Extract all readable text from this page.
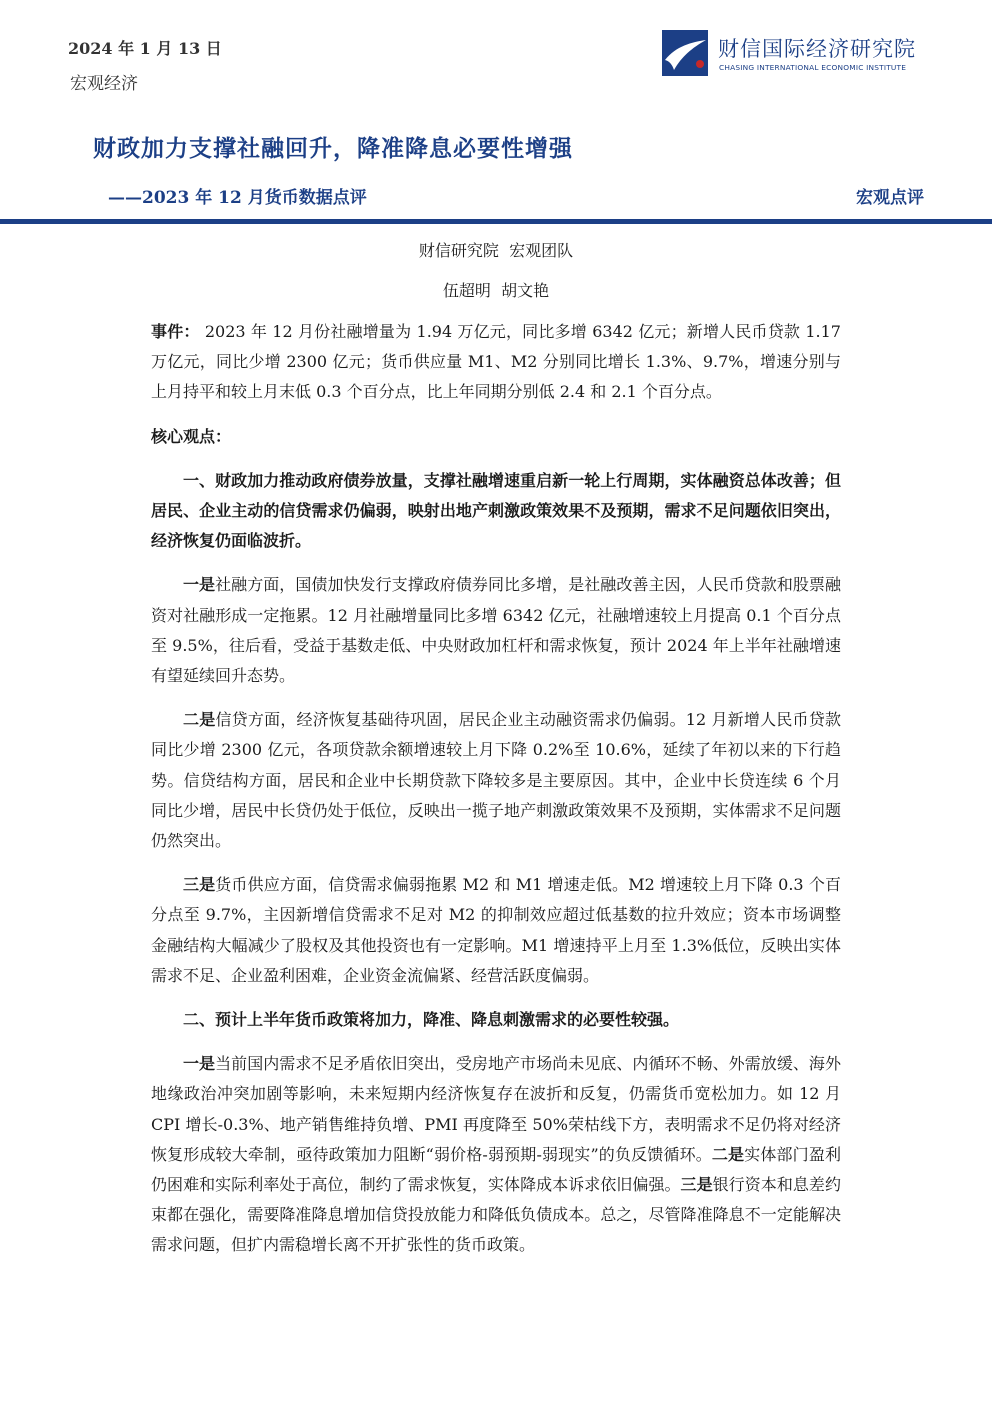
2024 年 1 月 13 日
宏观经济
财信国际经济研究院
CHASING INTERNATIONAL ECONOMIC INSTITUTE
财政加力支撑社融回升，降准降息必要性增强
——2023 年 12 月货币数据点评	宏观点评
财信研究院  宏观团队
伍超明  胡文艳

事件： 2023 年 12 月份社融增量为 1.94 万亿元，同比多增 6342 亿元；新增人民币贷款 1.17 万亿元，同比少增 2300 亿元；货币供应量 M1、M2 分别同比增长 1.3%、9.7%，增速分别与上月持平和较上月末低 0.3 个百分点，比上年同期分别低 2.4 和 2.1 个百分点。

核心观点：

一、财政加力推动政府债券放量，支撑社融增速重启新一轮上行周期，实体融资总体改善；但居民、企业主动的信贷需求仍偏弱，映射出地产刺激政策效果不及预期，需求不足问题依旧突出，经济恢复仍面临波折。

一是社融方面，国债加快发行支撑政府债券同比多增，是社融改善主因，人民币贷款和股票融资对社融形成一定拖累。12 月社融增量同比多增 6342 亿元，社融增速较上月提高 0.1 个百分点至 9.5%，往后看，受益于基数走低、中央财政加杠杆和需求恢复，预计 2024 年上半年社融增速有望延续回升态势。

二是信贷方面，经济恢复基础待巩固，居民企业主动融资需求仍偏弱。12 月新增人民币贷款同比少增 2300 亿元，各项贷款余额增速较上月下降 0.2%至 10.6%，延续了年初以来的下行趋势。信贷结构方面，居民和企业中长期贷款下降较多是主要原因。其中，企业中长贷连续 6 个月同比少增，居民中长贷仍处于低位，反映出一揽子地产刺激政策效果不及预期，实体需求不足问题仍然突出。

三是货币供应方面，信贷需求偏弱拖累 M2 和 M1 增速走低。M2 增速较上月下降 0.3 个百分点至 9.7%，主因新增信贷需求不足对 M2 的抑制效应超过低基数的拉升效应；资本市场调整金融结构大幅减少了股权及其他投资也有一定影响。M1 增速持平上月至 1.3%低位，反映出实体需求不足、企业盈利困难，企业资金流偏紧、经营活跃度偏弱。

二、预计上半年货币政策将加力，降准、降息刺激需求的必要性较强。

一是当前国内需求不足矛盾依旧突出，受房地产市场尚未见底、内循环不畅、外需放缓、海外地缘政治冲突加剧等影响，未来短期内经济恢复存在波折和反复，仍需货币宽松加力。如 12 月 CPI 增长-0.3%、地产销售维持负增、PMI 再度降至 50%荣枯线下方，表明需求不足仍将对经济恢复形成较大牵制，亟待政策加力阻断“弱价格-弱预期-弱现实”的负反馈循环。二是实体部门盈利仍困难和实际利率处于高位，制约了需求恢复，实体降成本诉求依旧偏强。三是银行资本和息差约束都在强化，需要降准降息增加信贷投放能力和降低负债成本。总之，尽管降准降息不一定能解决需求问题，但扩内需稳增长离不开扩张性的货币政策。
